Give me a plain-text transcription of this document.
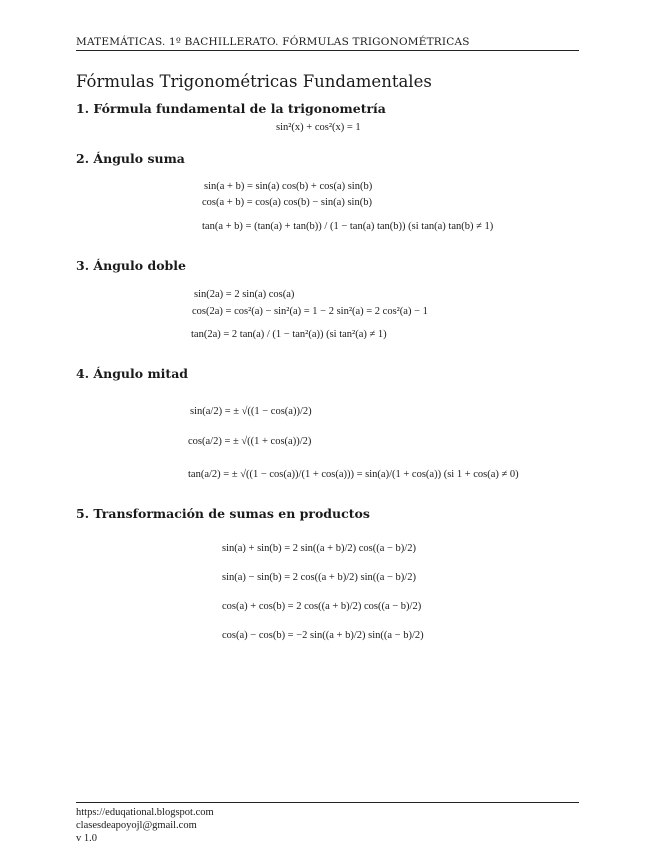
MATEMÁTICAS. 1º BACHILLERATO. FÓRMULAS TRIGONOMÉTRICAS
Fórmulas Trigonométricas Fundamentales
1. Fórmula fundamental de la trigonometría
sin²(x) + cos²(x) = 1
2. Ángulo suma
sin(a + b) = sin(a) cos(b) + cos(a) sin(b)
cos(a + b) = cos(a) cos(b) − sin(a) sin(b)
tan(a + b) = (tan(a) + tan(b)) / (1 − tan(a) tan(b)) (si tan(a) tan(b) ≠ 1)
3. Ángulo doble
sin(2a) = 2 sin(a) cos(a)
cos(2a) = cos²(a) − sin²(a) = 1 − 2 sin²(a) = 2 cos²(a) − 1
tan(2a) = 2 tan(a) / (1 − tan²(a)) (si tan²(a) ≠ 1)
4. Ángulo mitad
sin(a/2) = ± √((1 − cos(a))/2)
cos(a/2) = ± √((1 + cos(a))/2)
tan(a/2) = ± √((1 − cos(a))/(1 + cos(a))) = sin(a)/(1 + cos(a)) (si 1 + cos(a) ≠ 0)
5. Transformación de sumas en productos
sin(a) + sin(b) = 2 sin((a + b)/2) cos((a − b)/2)
sin(a) − sin(b) = 2 cos((a + b)/2) sin((a − b)/2)
cos(a) + cos(b) = 2 cos((a + b)/2) cos((a − b)/2)
cos(a) − cos(b) = −2 sin((a + b)/2) sin((a − b)/2)
https://eduqational.blogspot.com
clasesdeapoyojl@gmail.com
v 1.0
